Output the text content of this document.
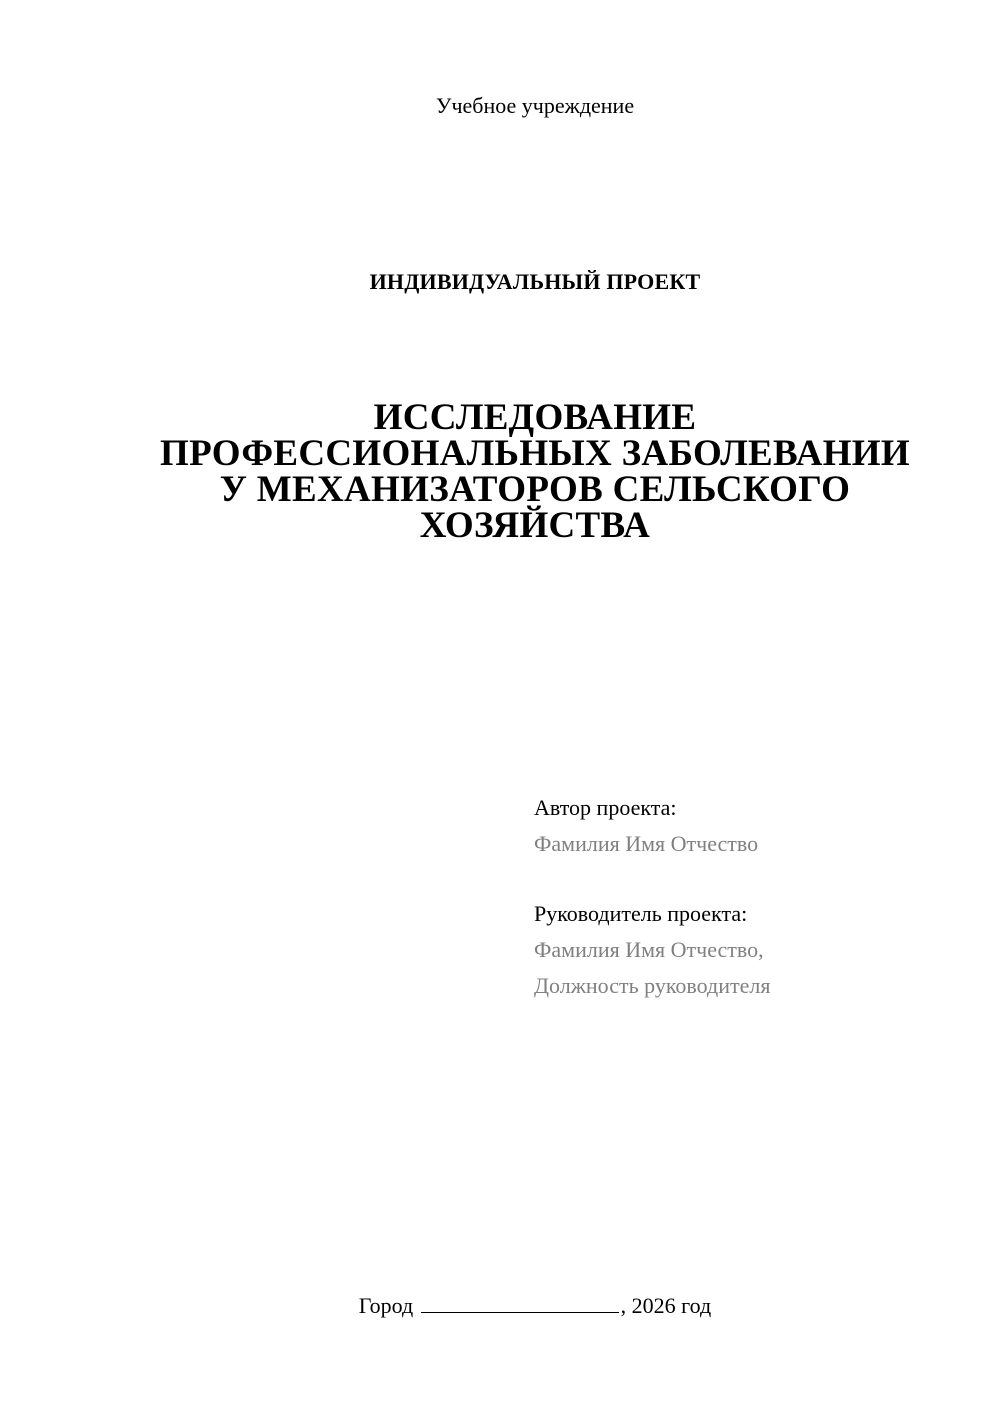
Учебное учреждение
ИНДИВИДУАЛЬНЫЙ ПРОЕКТ
ИССЛЕДОВАНИЕ
ПРОФЕССИОНАЛЬНЫХ ЗАБОЛЕВАНИИ
У МЕХАНИЗАТОРОВ СЕЛЬСКОГО
ХОЗЯЙСТВА
Автор проекта:
Фамилия Имя Отчество
Руководитель проекта:
Фамилия Имя Отчество,
Должность руководителя
Город	, 2026 год
